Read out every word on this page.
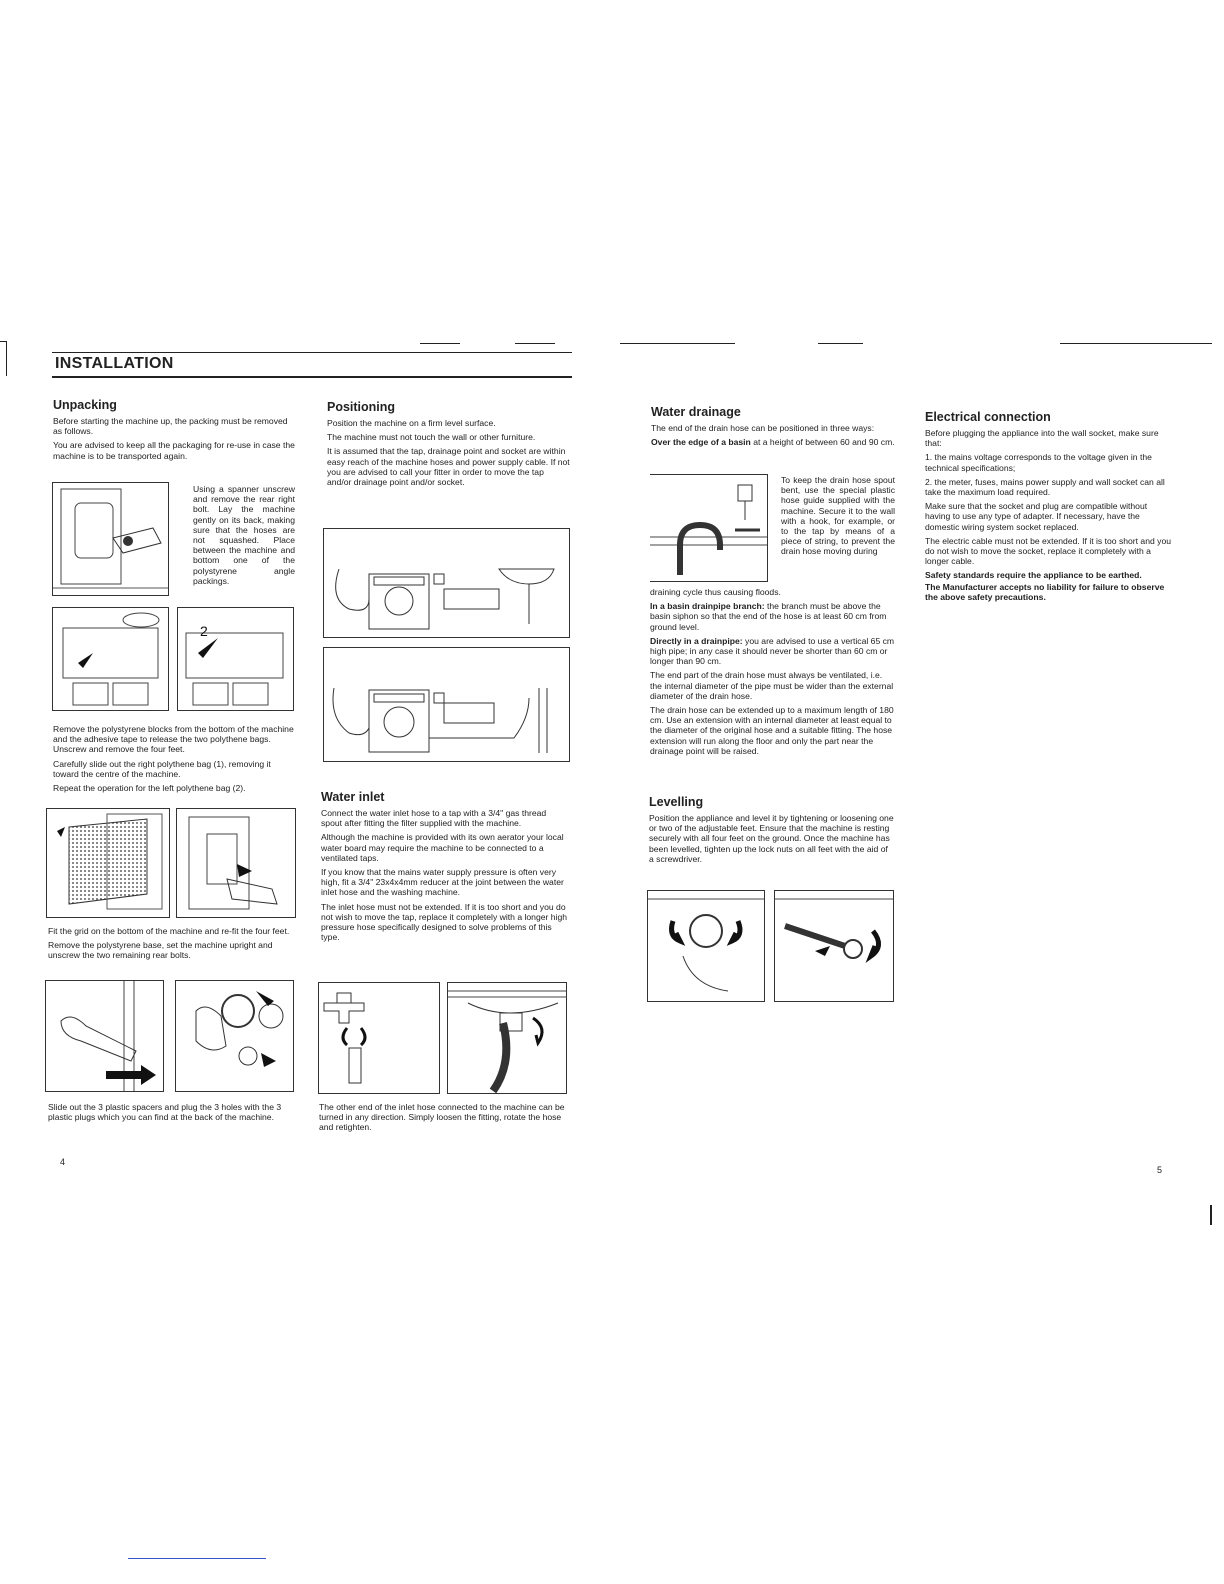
INSTALLATION
Unpacking

Before starting the machine up, the packing must be removed as follows.

You are advised to keep all the packaging for re-use in case the machine is to be transported again.

Using a spanner unscrew and remove the rear right bolt. Lay the machine gently on its back, making sure that the hoses are not squashed. Place between the machine and bottom one of the polystyrene angle packings.
2

Remove the polystyrene blocks from the bottom of the machine and the adhesive tape to release the two polythene bags. Unscrew and remove the four feet.

Carefully slide out the right polythene bag (1), removing it toward the centre of the machine.

Repeat the operation for the left polythene bag (2).

Fit the grid on the bottom of the machine and re-fit the four feet.

Remove the polystyrene base, set the machine upright and unscrew the two remaining rear bolts.

Slide out the 3 plastic spacers and plug the 3 holes with the 3 plastic plugs which you can find at the back of the machine.

4
Positioning

Position the machine on a firm level surface.

The machine must not touch the wall or other furniture.

It is assumed that the tap, drainage point and socket are within easy reach of the machine hoses and power supply cable. If not you are advised to call your fitter in order to move the tap and/or drainage point and/or socket.

Water inlet

Connect the water inlet hose to a tap with a 3/4" gas thread spout after fitting the filter supplied with the machine.

Although the machine is provided with its own aerator your local water board may require the machine to be connected to a ventilated taps.

If you know that the mains water supply pressure is often very high, fit a 3/4" 23x4x4mm reducer at the joint between the water inlet hose and the washing machine.

The inlet hose must not be extended. If it is too short and you do not wish to move the tap, replace it completely with a longer high pressure hose specifically designed to solve problems of this type.

The other end of the inlet hose connected to the machine can be turned in any direction. Simply loosen the fitting, rotate the hose and retighten.

Water drainage

The end of the drain hose can be positioned in three ways:

Over the edge of a basin at a height of between 60 and 90 cm.

To keep the drain hose spout bent, use the special plastic hose guide supplied with the machine. Secure it to the wall with a hook, for example, or to the tap by means of a piece of string, to prevent the drain hose moving during

draining cycle thus causing floods.

In a basin drainpipe branch: the branch must be above the basin siphon so that the end of the hose is at least 60 cm from ground level.

Directly in a drainpipe: you are advised to use a vertical 65 cm high pipe; in any case it should never be shorter than 60 cm or longer than 90 cm.

The end part of the drain hose must always be ventilated, i.e. the internal diameter of the pipe must be wider than the external diameter of the drain hose.

The drain hose can be extended up to a maximum length of 180 cm. Use an extension with an internal diameter at least equal to the diameter of the original hose and a suitable fitting. The hose extension will run along the floor and only the part near the drainage point will be raised.

Levelling

Position the appliance and level it by tightening or loosening one or two of the adjustable feet. Ensure that the machine is resting securely with all four feet on the ground. Once the machine has been levelled, tighten up the lock nuts on all feet with the aid of a screwdriver.

Electrical connection

Before plugging the appliance into the wall socket, make sure that:

1. the mains voltage corresponds to the voltage given in the technical specifications;

2. the meter, fuses, mains power supply and wall socket can all take the maximum load required.

Make sure that the socket and plug are compatible without having to use any type of adapter. If necessary, have the domestic wiring system socket replaced.

The electric cable must not be extended. If it is too short and you do not wish to move the socket, replace it completely with a longer cable.

Safety standards require the appliance to be earthed.

The Manufacturer accepts no liability for failure to observe the above safety precautions.

5
